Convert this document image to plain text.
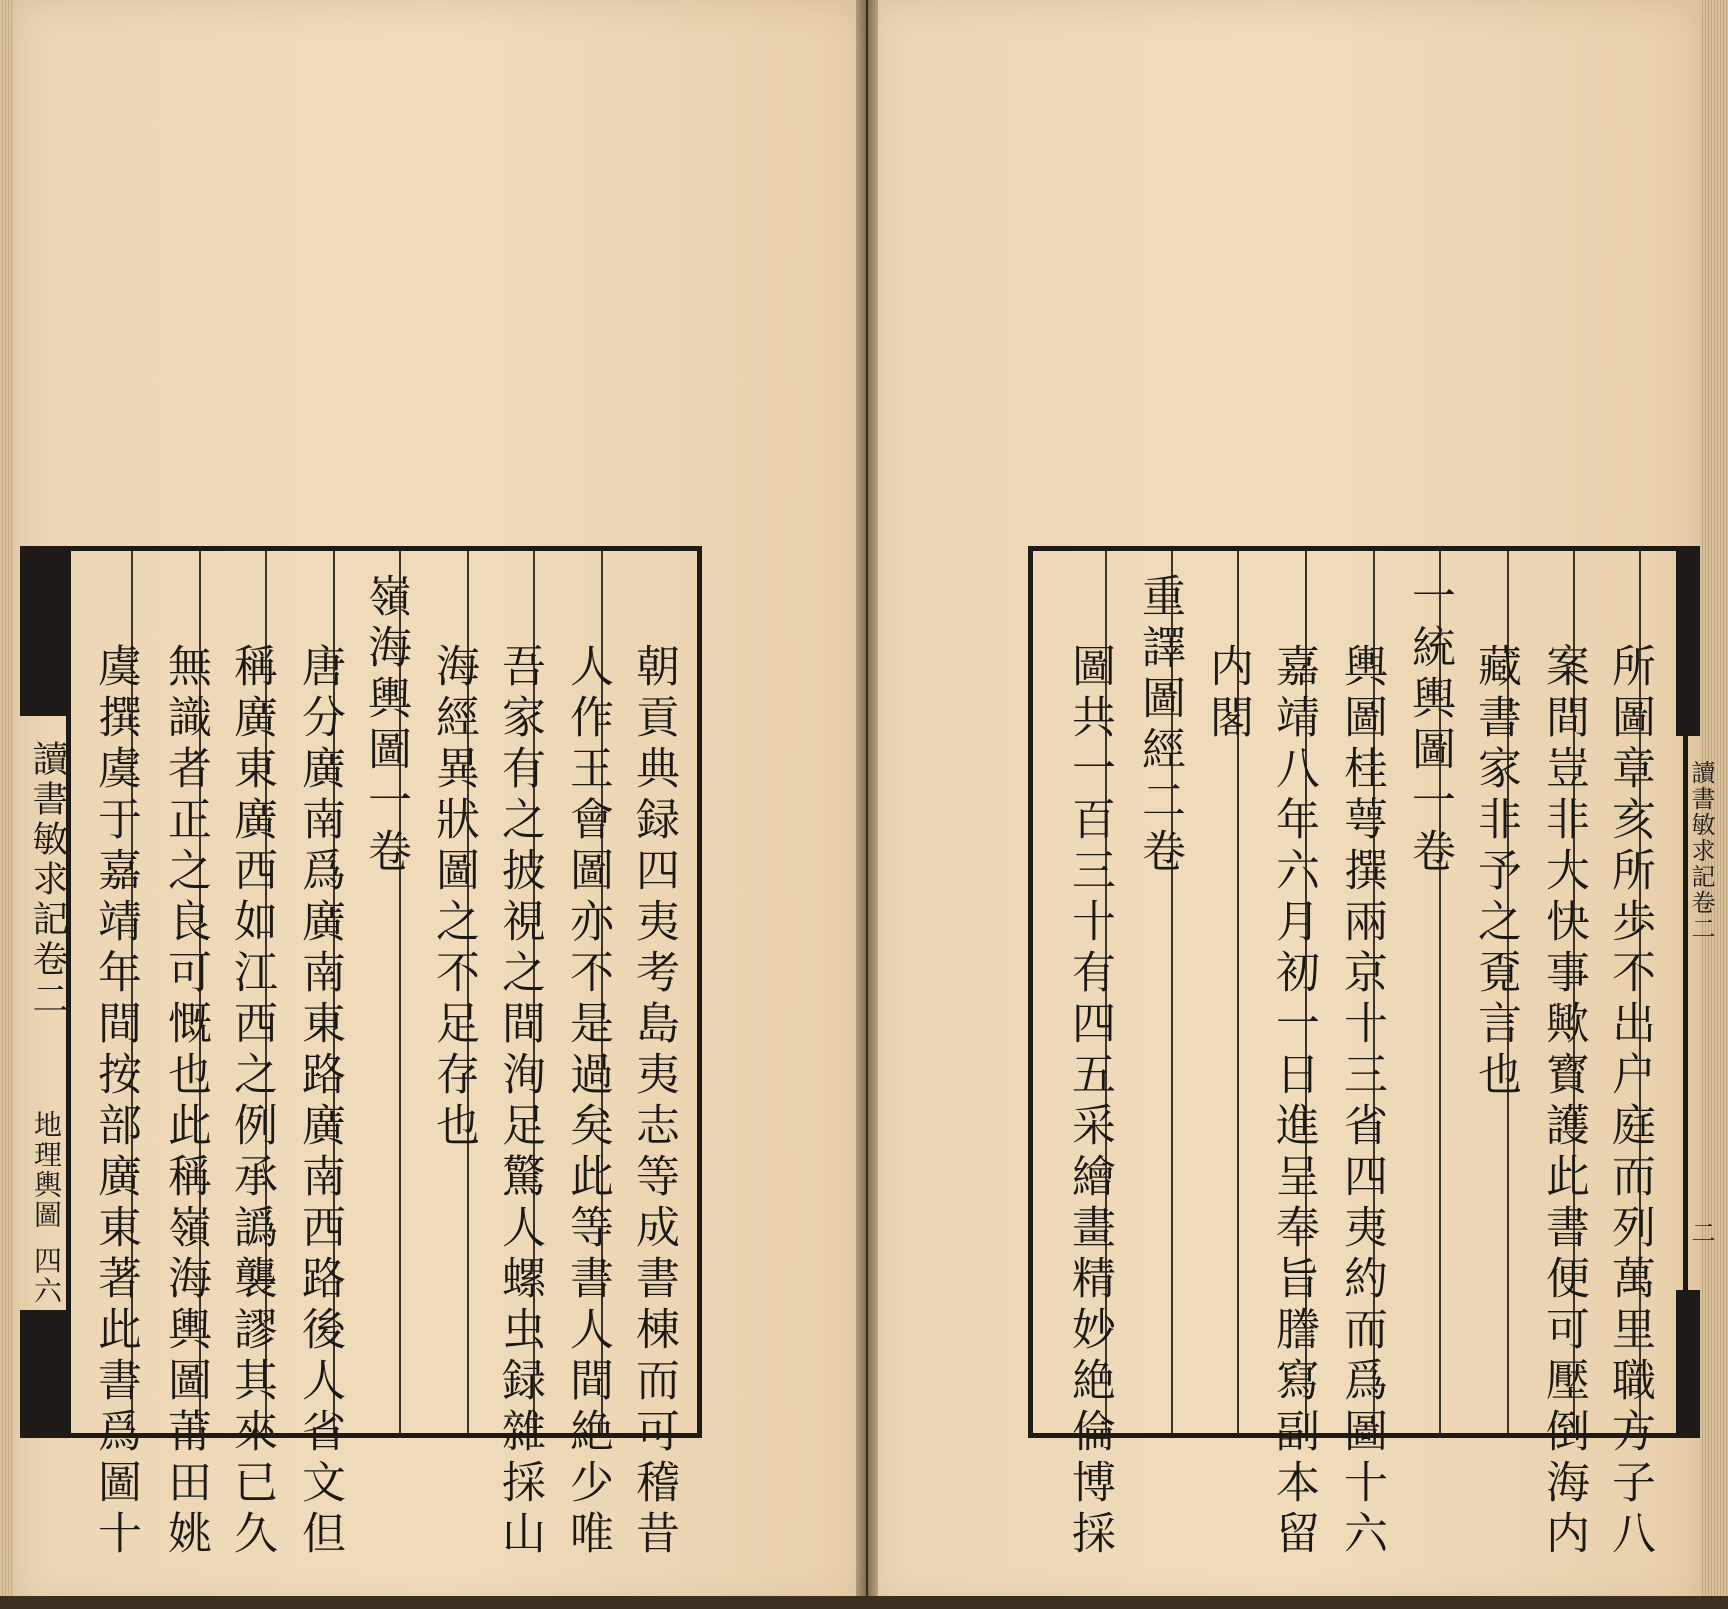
讀書敏求記卷二
地理輿圖
四六	朝貢典録四夷考島夷志等成書棟而可稽昔
人作王會圖亦不是過矣此等書人間絶少唯
吾家有之披視之間洵足驚人螺虫録雜採山
海經異狀圖之不足存也
嶺海輿圖一卷
唐分廣南爲廣南東路廣南西路後人省文但
稱廣東廣西如江西之例承譌襲謬其來已久
無識者正之良可慨也此稱嶺海輿圖莆田姚
虞撰虞于嘉靖年間按部廣東著此書爲圖十	所圖章亥所歩不出户庭而列萬里職方子八
案間豈非大快事歟寳護此書便可壓倒海内
藏書家非予之覔言也
一統輿圖一卷
輿圖桂萼撰兩京十三省四夷約而爲圖十六
嘉靖八年六月初一日進呈奉旨謄寫副本留
内閣
重譯圖經二卷
圖共一百三十有四五采繪畫精妙絶倫博採	讀書敏求記卷二
二
